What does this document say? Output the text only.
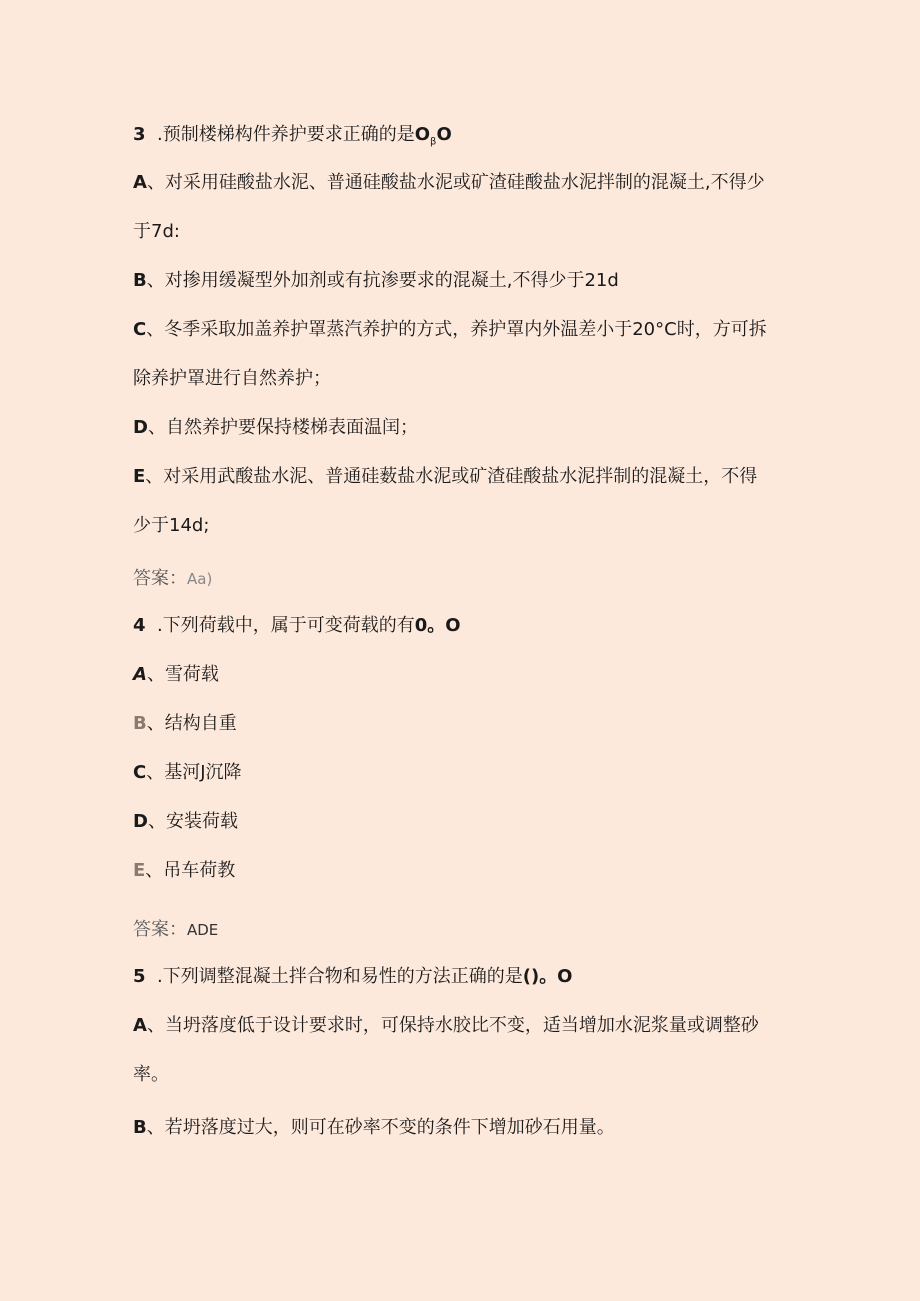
3 .预制楼梯构件养护要求正确的是$O_\beta O$
A、对采用硅酸盐水泥、普通硅酸盐水泥或矿渣硅酸盐水泥拌制的混凝土,不得少
于7d:
B、对掺用缓凝型外加剂或有抗渗要求的混凝土,不得少于21d
C、冬季采取加盖养护罩蒸汽养护的方式，养护罩内外温差小于20°C时，方可拆
除养护罩进行自然养护；
D、自然养护要保持楼梯表面温闰；
E、对采用武酸盐水泥、普通硅薮盐水泥或矿渣硅酸盐水泥拌制的混凝土，不得
少于14d;
答案：Aa)
4 .下列荷载中，属于可变荷载的有0。O
A、雪荷载
B、结构自重
C、基河J沉降
D、安装荷载
E、吊车荷教
答案：ADE
5 .下列调整混凝土拌合物和易性的方法正确的是()。O
A、当坍落度低于设计要求时，可保持水胶比不变，适当增加水泥浆量或调整砂
率。
B、若坍落度过大，则可在砂率不变的条件下增加砂石用量。
